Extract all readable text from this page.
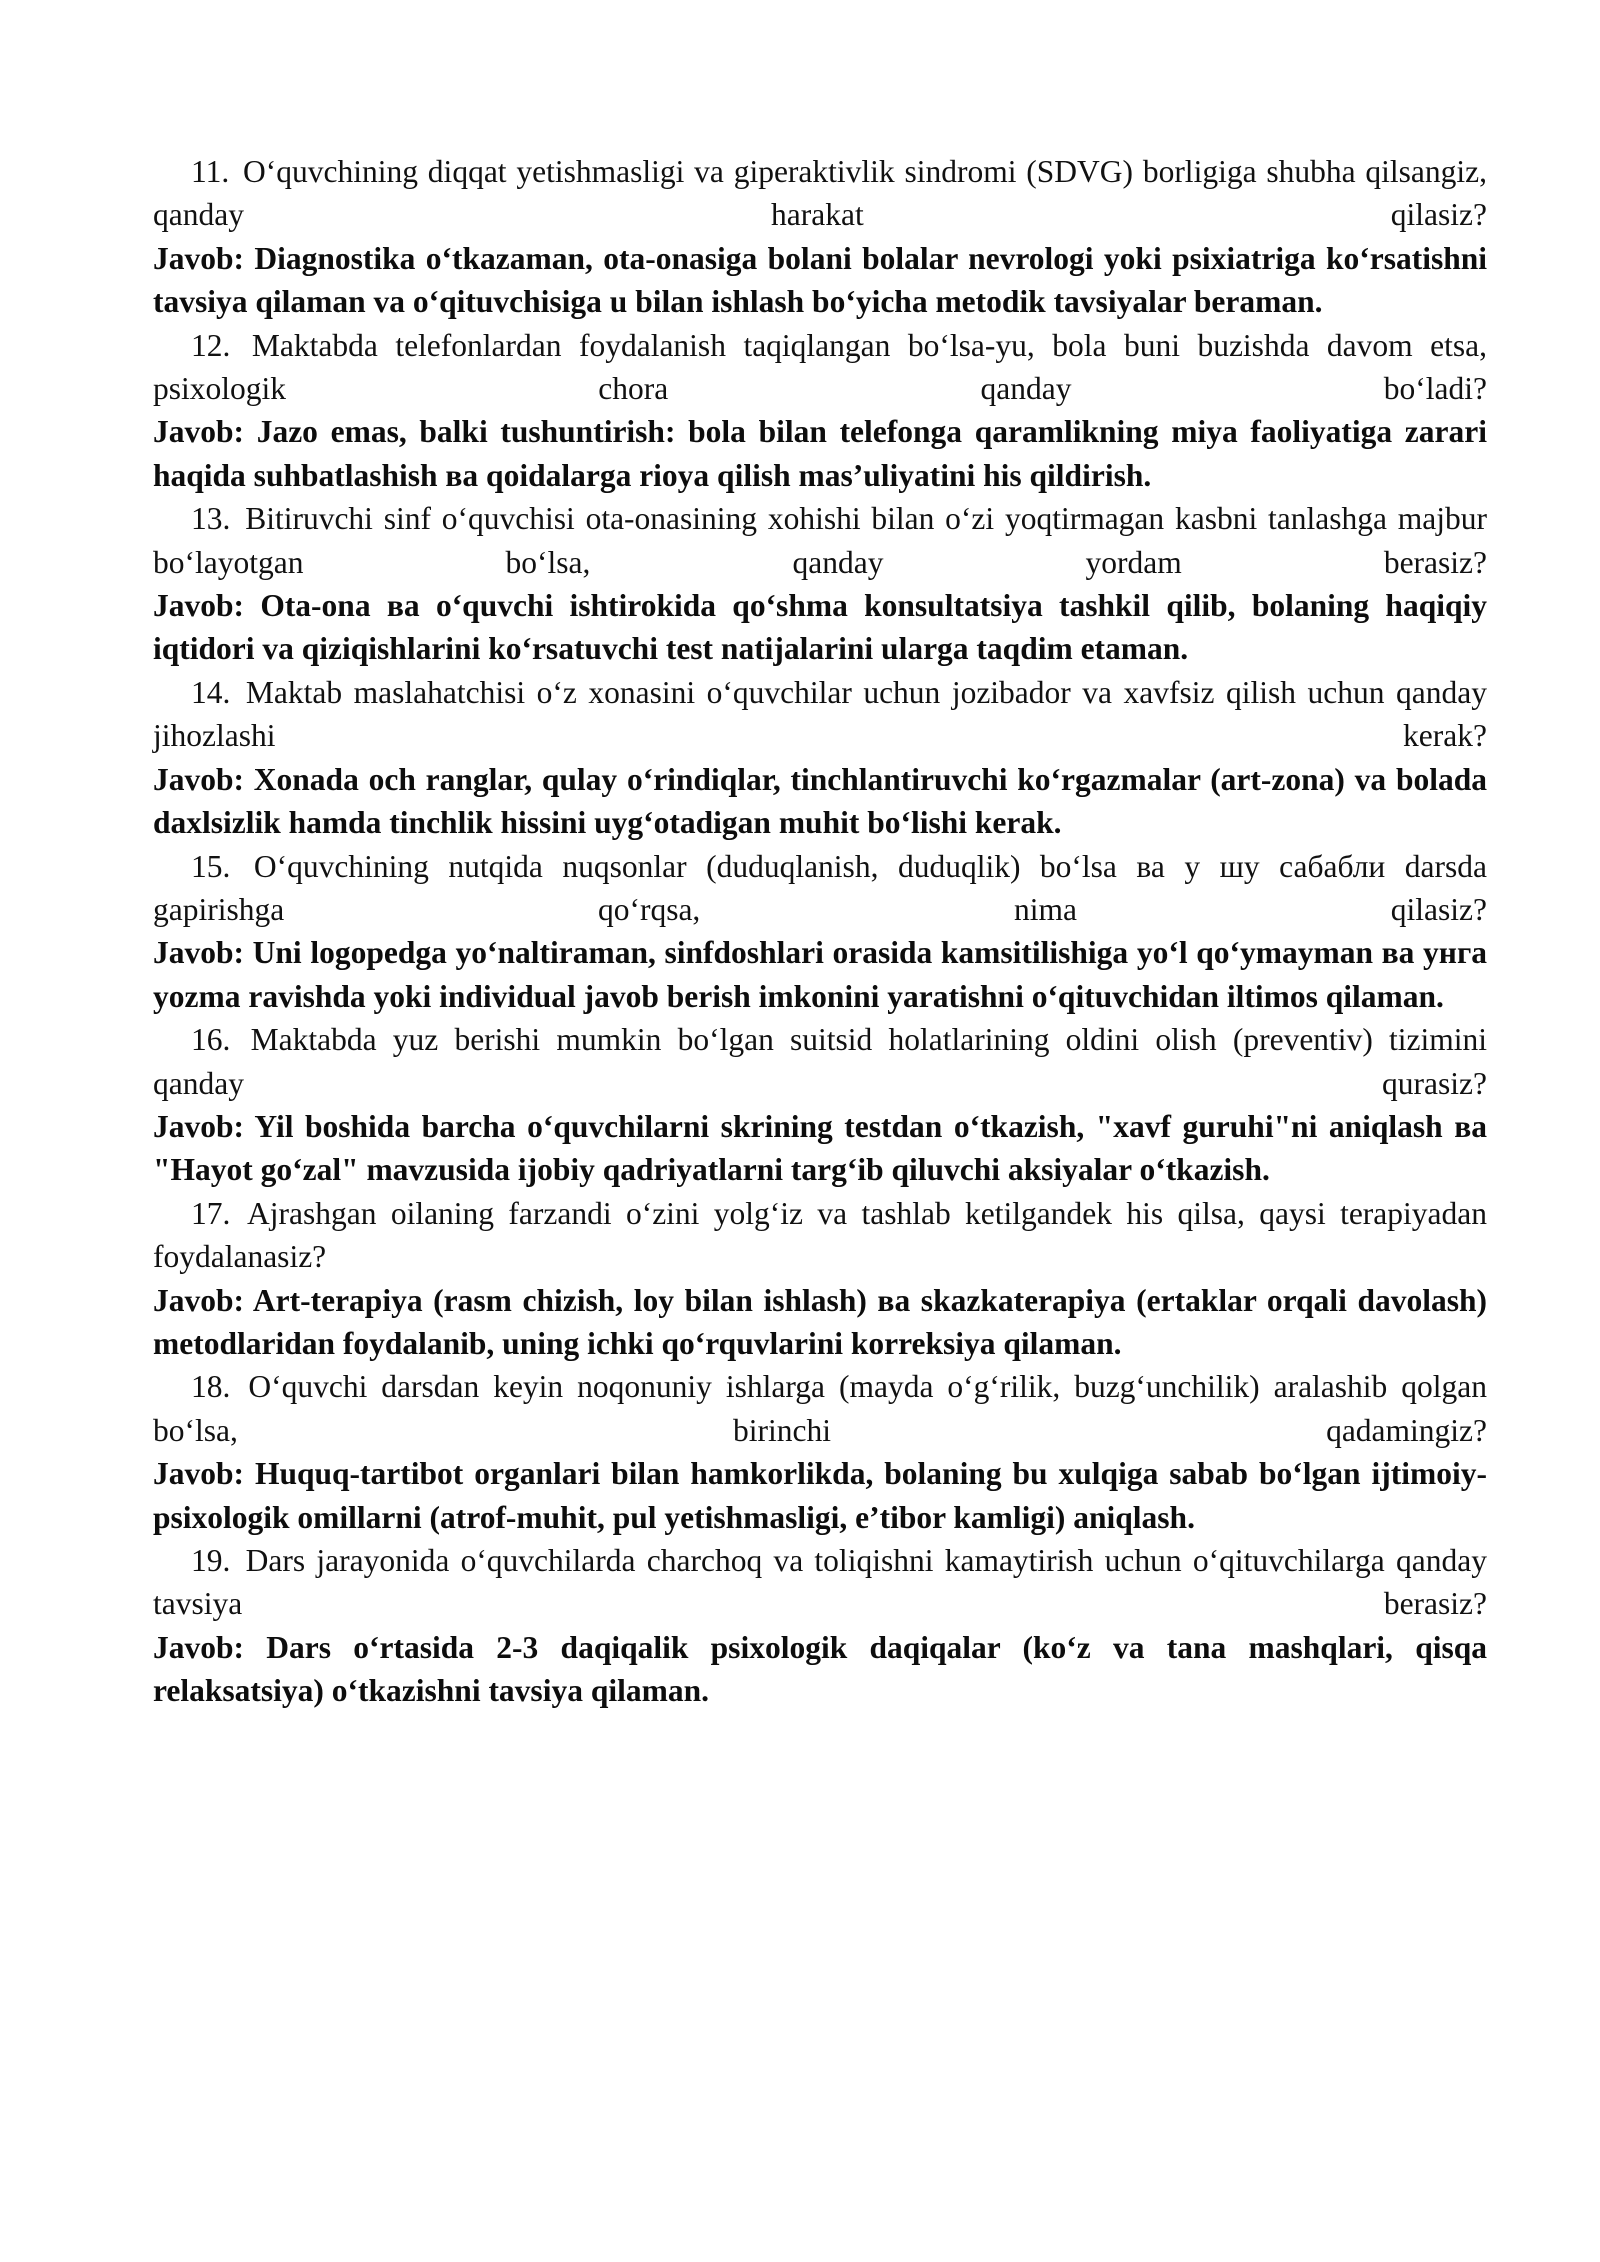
11. O‘quvchining diqqat yetishmasligi va giperaktivlik sindromi (SDVG) borligiga shubha qilsangiz, qanday harakat qilasiz?

Javob: Diagnostika o‘tkazaman, ota-onasiga bolani bolalar nevrologi yoki psixiatriga ko‘rsatishni tavsiya qilaman va o‘qituvchisiga u bilan ishlash bo‘yicha metodik tavsiyalar beraman.

12. Maktabda telefonlardan foydalanish taqiqlangan bo‘lsa-yu, bola buni buzishda davom etsa, psixologik chora qanday bo‘ladi?

Javob: Jazo emas, balki tushuntirish: bola bilan telefonga qaramlikning miya faoliyatiga zarari haqida suhbatlashish ва qoidalarga rioya qilish mas’uliyatini his qildirish.

13. Bitiruvchi sinf o‘quvchisi ota-onasining xohishi bilan o‘zi yoqtirmagan kasbni tanlashga majbur bo‘layotgan bo‘lsa, qanday yordam berasiz?

Javob: Ota-ona ва o‘quvchi ishtirokida qo‘shma konsultatsiya tashkil qilib, bolaning haqiqiy iqtidori va qiziqishlarini ko‘rsatuvchi test natijalarini ularga taqdim etaman.

14. Maktab maslahatchisi o‘z xonasini o‘quvchilar uchun jozibador va xavfsiz qilish uchun qanday jihozlashi kerak?

Javob: Xonada och ranglar, qulay o‘rindiqlar, tinchlantiruvchi ko‘rgazmalar (art-zona) va bolada daxlsizlik hamda tinchlik hissini uyg‘otadigan muhit bo‘lishi kerak.

15. O‘quvchining nutqida nuqsonlar (duduqlanish, duduqlik) bo‘lsa ва у шу сабабли darsda gapirishga qo‘rqsa, nima qilasiz?

Javob: Uni logopedga yo‘naltiraman, sinfdoshlari orasida kamsitilishiga yo‘l qo‘ymayman ва унга yozma ravishda yoki individual javob berish imkonini yaratishni o‘qituvchidan iltimos qilaman.

16. Maktabda yuz berishi mumkin bo‘lgan suitsid holatlarining oldini olish (preventiv) tizimini qanday qurasiz?

Javob: Yil boshida barcha o‘quvchilarni skrining testdan o‘tkazish, "xavf guruhi"ni aniqlash ва "Hayot go‘zal" mavzusida ijobiy qadriyatlarni targ‘ib qiluvchi aksiyalar o‘tkazish.

17. Ajrashgan oilaning farzandi o‘zini yolg‘iz va tashlab ketilgandek his qilsa, qaysi terapiyadan foydalanasiz?

Javob: Art-terapiya (rasm chizish, loy bilan ishlash) ва skazkaterapiya (ertaklar orqali davolash) metodlaridan foydalanib, uning ichki qo‘rquvlarini korreksiya qilaman.

18. O‘quvchi darsdan keyin noqonuniy ishlarga (mayda o‘g‘rilik, buzg‘unchilik) aralashib qolgan bo‘lsa, birinchi qadamingiz?

Javob: Huquq-tartibot organlari bilan hamkorlikda, bolaning bu xulqiga sabab bo‘lgan ijtimoiy-psixologik omillarni (atrof-muhit, pul yetishmasligi, e’tibor kamligi) aniqlash.

19. Dars jarayonida o‘quvchilarda charchoq va toliqishni kamaytirish uchun o‘qituvchilarga qanday tavsiya berasiz?

Javob: Dars o‘rtasida 2-3 daqiqalik psixologik daqiqalar (ko‘z va tana mashqlari, qisqa relaksatsiya) o‘tkazishni tavsiya qilaman.
